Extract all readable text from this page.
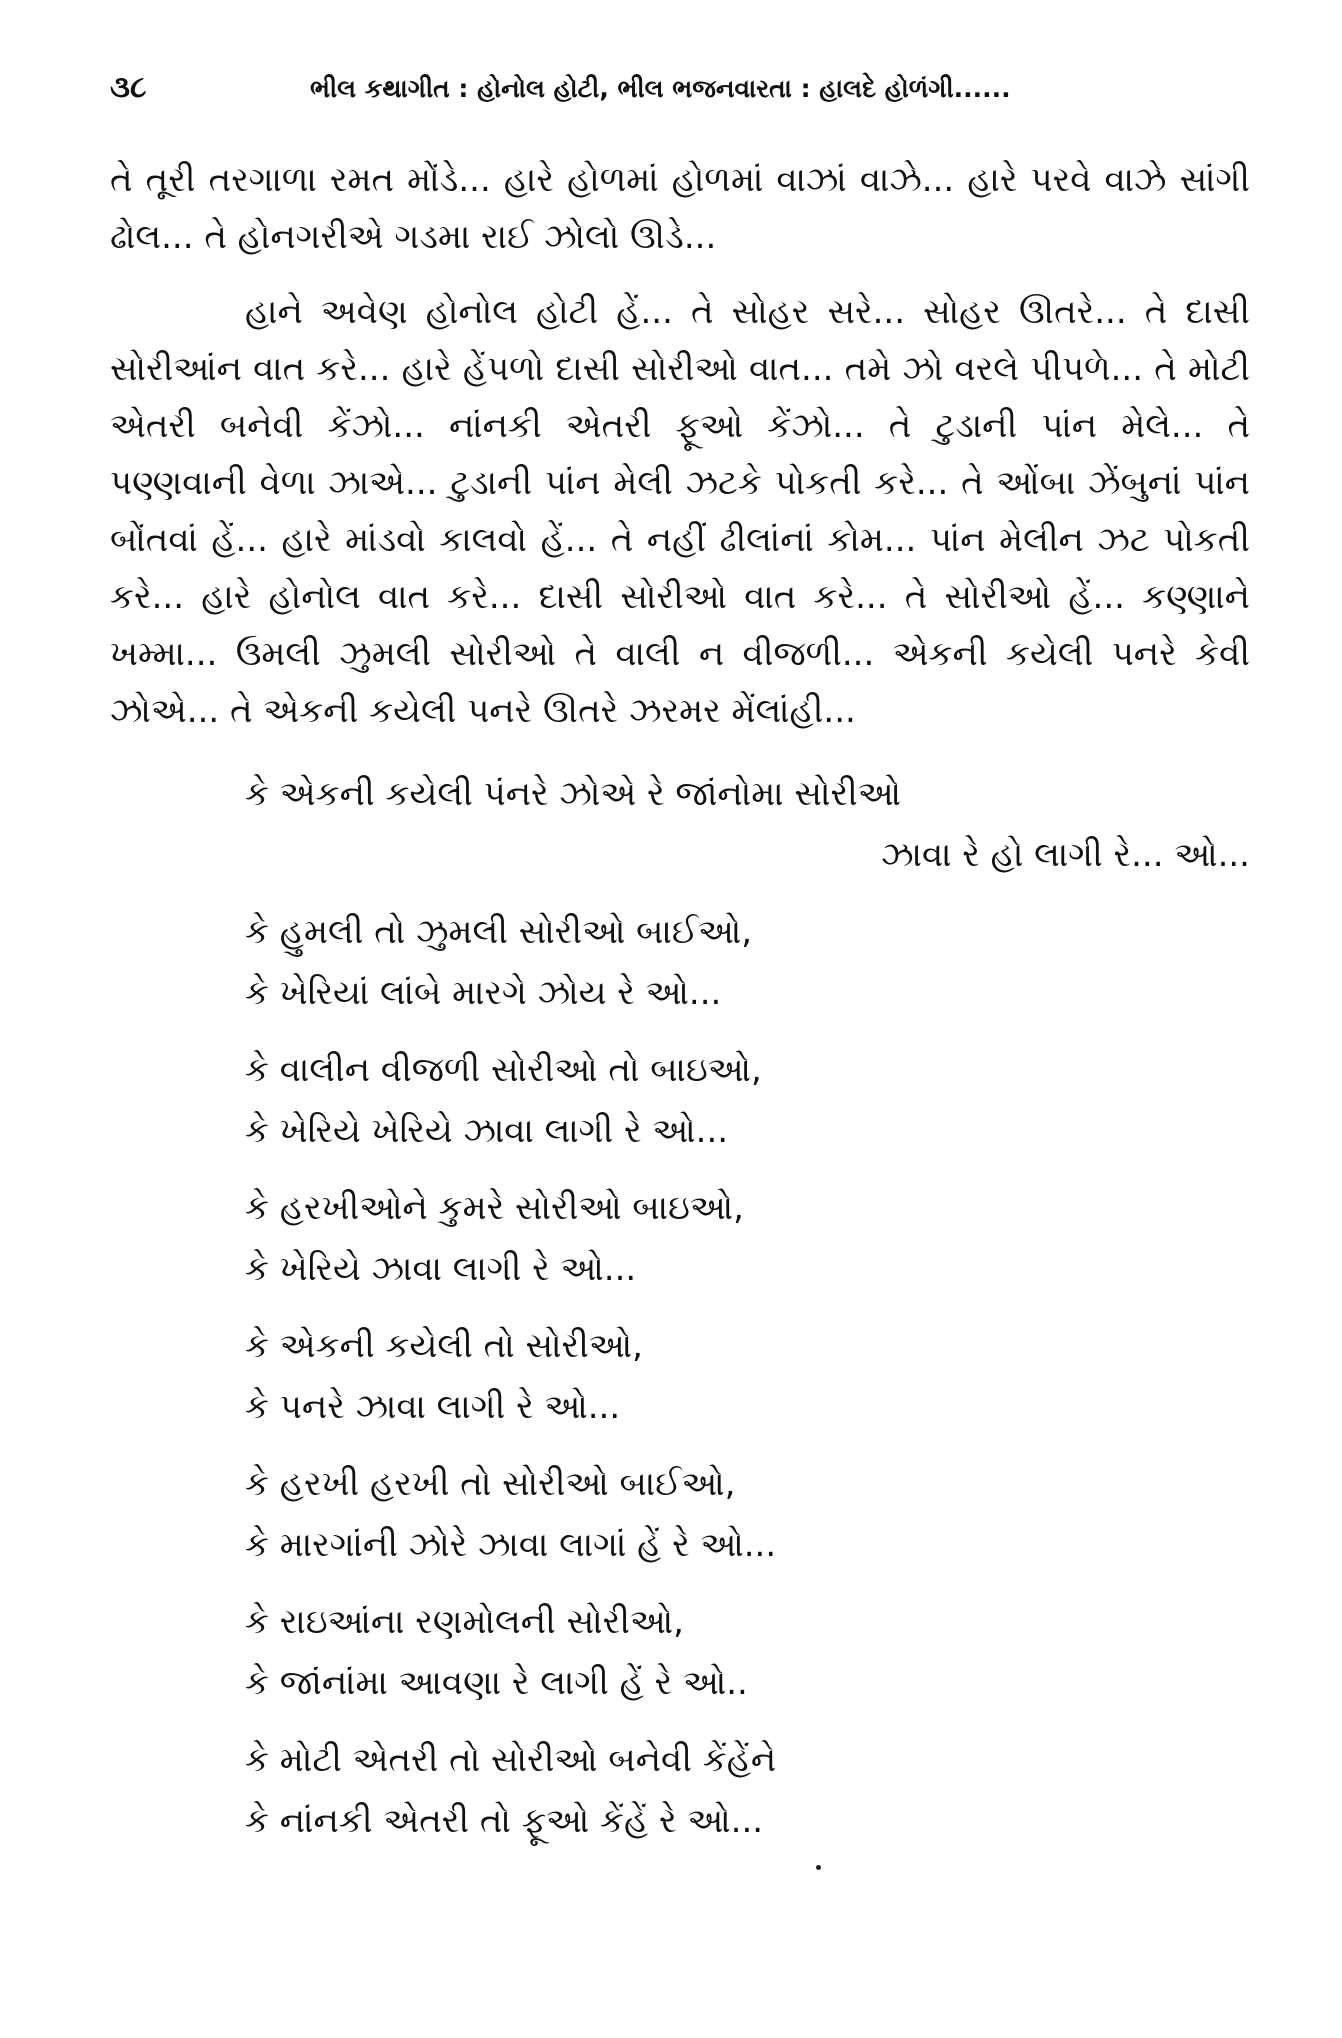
૩૮	ભીલ કથાગીત : હોનોલ હોટી, ભીલ ભજનવારતા : હાલદે હોળંગી......

તે તૂરી તરગાળા રમત મોંડે... હારે હોળમાં હોળમાં વાઝાં વાઝે... હારે પરવે વાઝે સાંગી ઢોલ... તે હોનગરીએ ગડમા રાઈ ઝોલો ઊડે...

હાને અવેણ હોનોલ હોટી હેં... તે સોહર સરે... સોહર ઊતરે... તે દાસી સોરીઆંન વાત કરે... હારે હેંપળો દાસી સોરીઓ વાત... તમે ઝો વરલે પીપળે... તે મોટી એતરી બનેવી કેંઝો... નાંનકી એતરી ફૂઓ કેંઝો... તે ટુડાની પાંન મેલે... તે પણ્ણવાની વેળા ઝાએ... ટુડાની પાંન મેલી ઝટકે પોકતી કરે... તે ઓંબા ઝેંબુનાં પાંન બોંતવાં હેં... હારે માંડવો કાલવો હેં... તે નહીં ઢીલાંનાં કોમ... પાંન મેલીન ઝટ પોકતી કરે... હારે હોનોલ વાત કરે... દાસી સોરીઓ વાત કરે... તે સોરીઓ હેં... કણ્ણાને ખમ્મા... ઉમલી ઝુમલી સોરીઓ તે વાલી ન વીજળી... એકની કયેલી પનરે કેવી ઝોએ... તે એકની કયેલી પનરે ઊતરે ઝરમર મેંલાંહી...

કે એકની કયેલી પંનરે ઝોએ રે જાંનોમા સોરીઓ
ઝાવા રે હો લાગી રે... ઓ...
કે હુમલી તો ઝુમલી સોરીઓ બાઈઓ,
કે ખેરિયાં લાંબે મારગે ઝોય રે ઓ...
કે વાલીન વીજળી સોરીઓ તો બાઇઓ,
કે ખેરિયે ખેરિયે ઝાવા લાગી રે ઓ...
કે હરખીઓને કુમરે સોરીઓ બાઇઓ,
કે ખેરિયે ઝાવા લાગી રે ઓ...
કે એકની કયેલી તો સોરીઓ,
કે પનરે ઝાવા લાગી રે ઓ...
કે હરખી હરખી તો સોરીઓ બાઈઓ,
કે મારગાંની ઝોરે ઝાવા લાગાં હેં રે ઓ...
કે રાઇઆંના રણમોલની સોરીઓ,
કે જાંનાંમા આવણા રે લાગી હેં રે ઓ..
કે મોટી એતરી તો સોરીઓ બનેવી કેંહેંને
કે નાંનકી એતરી તો ફૂઓ કેંહેં રે ઓ...
